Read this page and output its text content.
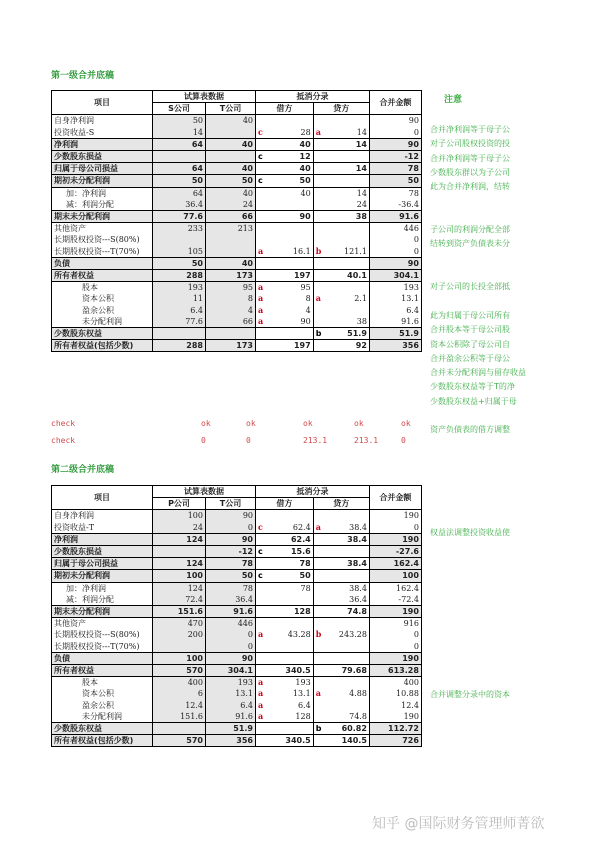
第一级合并底稿
注意
项目	试算表数据		抵消分录				合并金额
	S公司	T公司	借方		贷方		
自身净利润	50	40					90
投资收益-S	14		c	28	a	14	0
净利润	64	40		40		14	90
少数股东损益			c	12			-12
归属于母公司损益	64	40		40		14	78
期初未分配利润	50	50	c	50			50
加：净利润	64	40		40		14	78
减：利润分配	36.4	24				24	-36.4
期末未分配利润	77.6	66		90		38	91.6
其他资产	233	213					446
长期股权投资---S(80%)							0
长期股权投资---T(70%)	105		a	16.1	b	121.1	0
负债	50	40					90
所有者权益	288	173		197		40.1	304.1
股本	193	95	a	95			193
资本公积	11	8	a	8	a	2.1	13.1
盈余公积	6.4	4	a	4			6.4
未分配利润	77.6	66	a	90		38	91.6
少数股东权益					b	51.9	51.9
所有者权益(包括少数)	288	173		197		92	356
check	ok	ok	ok	ok	ok
check	0	0	213.1	213.1	0
第二级合并底稿
项目	试算表数据		抵消分录				合并金额
	P公司	T公司	借方		贷方		
自身净利润	100	90					190
投资收益-T	24	0	c	62.4	a	38.4	0
净利润	124	90		62.4		38.4	190
少数股东损益		-12	c	15.6			-27.6
归属于母公司损益	124	78		78		38.4	162.4
期初未分配利润	100	50	c	50			100
加：净利润	124	78		78		38.4	162.4
减：利润分配	72.4	36.4				36.4	-72.4
期末未分配利润	151.6	91.6		128		74.8	190
其他资产	470	446					916
长期股权投资---S(80%)	200	0	a	43.28	b	243.28	0
长期股权投资---T(70%)		0					0
负债	100	90					190
所有者权益	570	304.1		340.5		79.68	613.28
股本	400	193	a	193			400
资本公积	6	13.1	a	13.1	a	4.88	10.88
盈余公积	12.4	6.4	a	6.4			12.4
未分配利润	151.6	91.6	a	128		74.8	190
少数股东权益		51.9			b	60.82	112.72
所有者权益(包括少数)	570	356		340.5		140.5	726
合并净利润等于母子公
对子公司股权投资的投
合并净利润等于母子公
少数股东群以为子公司
此为合并净利润，结转
子公司的利润分配全部
结转到资产负债表未分
对子公司的长投全部抵
此为归属于母公司所有
合并股本等于母公司股
资本公积除了母公司自
合并盈余公积等于母公
合并未分配利润与留存收益
少数股东权益等于T的净
少数股东权益+归属于母
资产负债表的借方调整
权益法调整投资收益使
合并调整分录中的资本
知乎 @国际财务管理师菁欲
